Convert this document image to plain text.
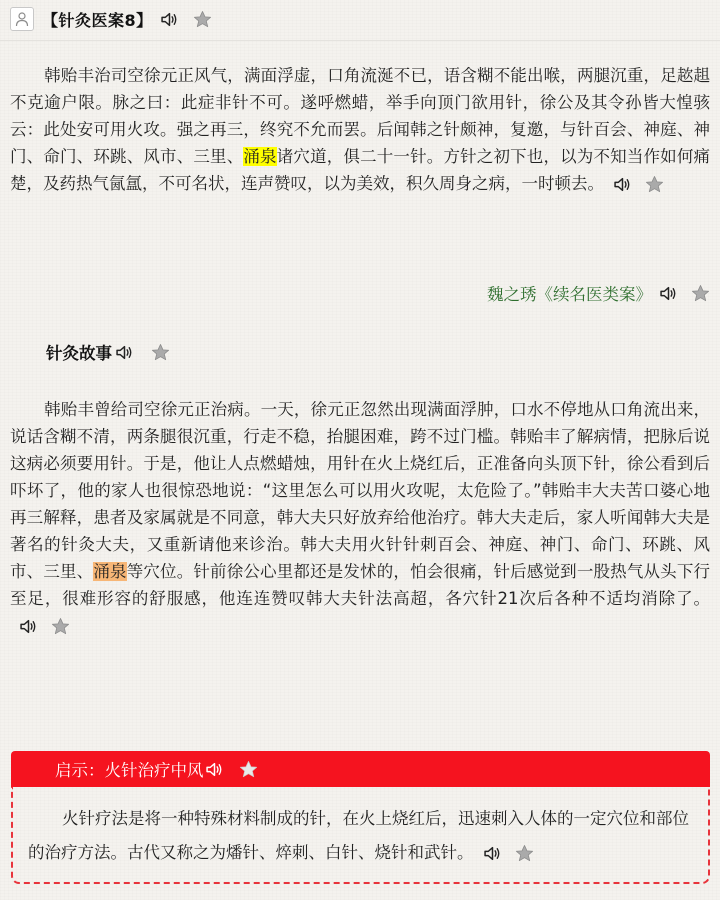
【针灸医案8】
韩贻丰治司空徐元正风气，满面浮虚，口角流涎不已，语含糊不能出喉，两腿沉重，足趑趄不克逾户限。脉之曰：此症非针不可。遂呼燃蜡，举手向顶门欲用针，徐公及其令孙皆大惶骇云：此处安可用火攻。强之再三，终究不允而罢。后闻韩之针颇神，复邀，与针百会、神庭、神门、命门、环跳、风市、三里、涌泉诸穴道，俱二十一针。方针之初下也，以为不知当作如何痛楚，及药热气氤氲，不可名状，连声赞叹，以为美效，积久周身之病，一时顿去。
魏之琇《续名医类案》
针灸故事
韩贻丰曾给司空徐元正治病。一天，徐元正忽然出现满面浮肿，口水不停地从口角流出来，说话含糊不清，两条腿很沉重，行走不稳，抬腿困难，跨不过门槛。韩贻丰了解病情，把脉后说这病必须要用针。于是，他让人点燃蜡烛，用针在火上烧红后，正准备向头顶下针，徐公看到后吓坏了，他的家人也很惊恐地说：“这里怎么可以用火攻呢，太危险了。”韩贻丰大夫苦口婆心地再三解释，患者及家属就是不同意，韩大夫只好放弃给他治疗。韩大夫走后，家人听闻韩大夫是著名的针灸大夫，又重新请他来诊治。韩大夫用火针针刺百会、神庭、神门、命门、环跳、风市、三里、涌泉等穴位。针前徐公心里都还是发怵的，怕会很痛，针后感觉到一股热气从头下行至足，很难形容的舒服感，他连连赞叹韩大夫针法高超，各穴针21次后各种不适均消除了。
启示：火针治疗中风
火针疗法是将一种特殊材料制成的针，在火上烧红后，迅速刺入人体的一定穴位和部位的治疗方法。古代又称之为燔针、焠刺、白针、烧针和武针。
